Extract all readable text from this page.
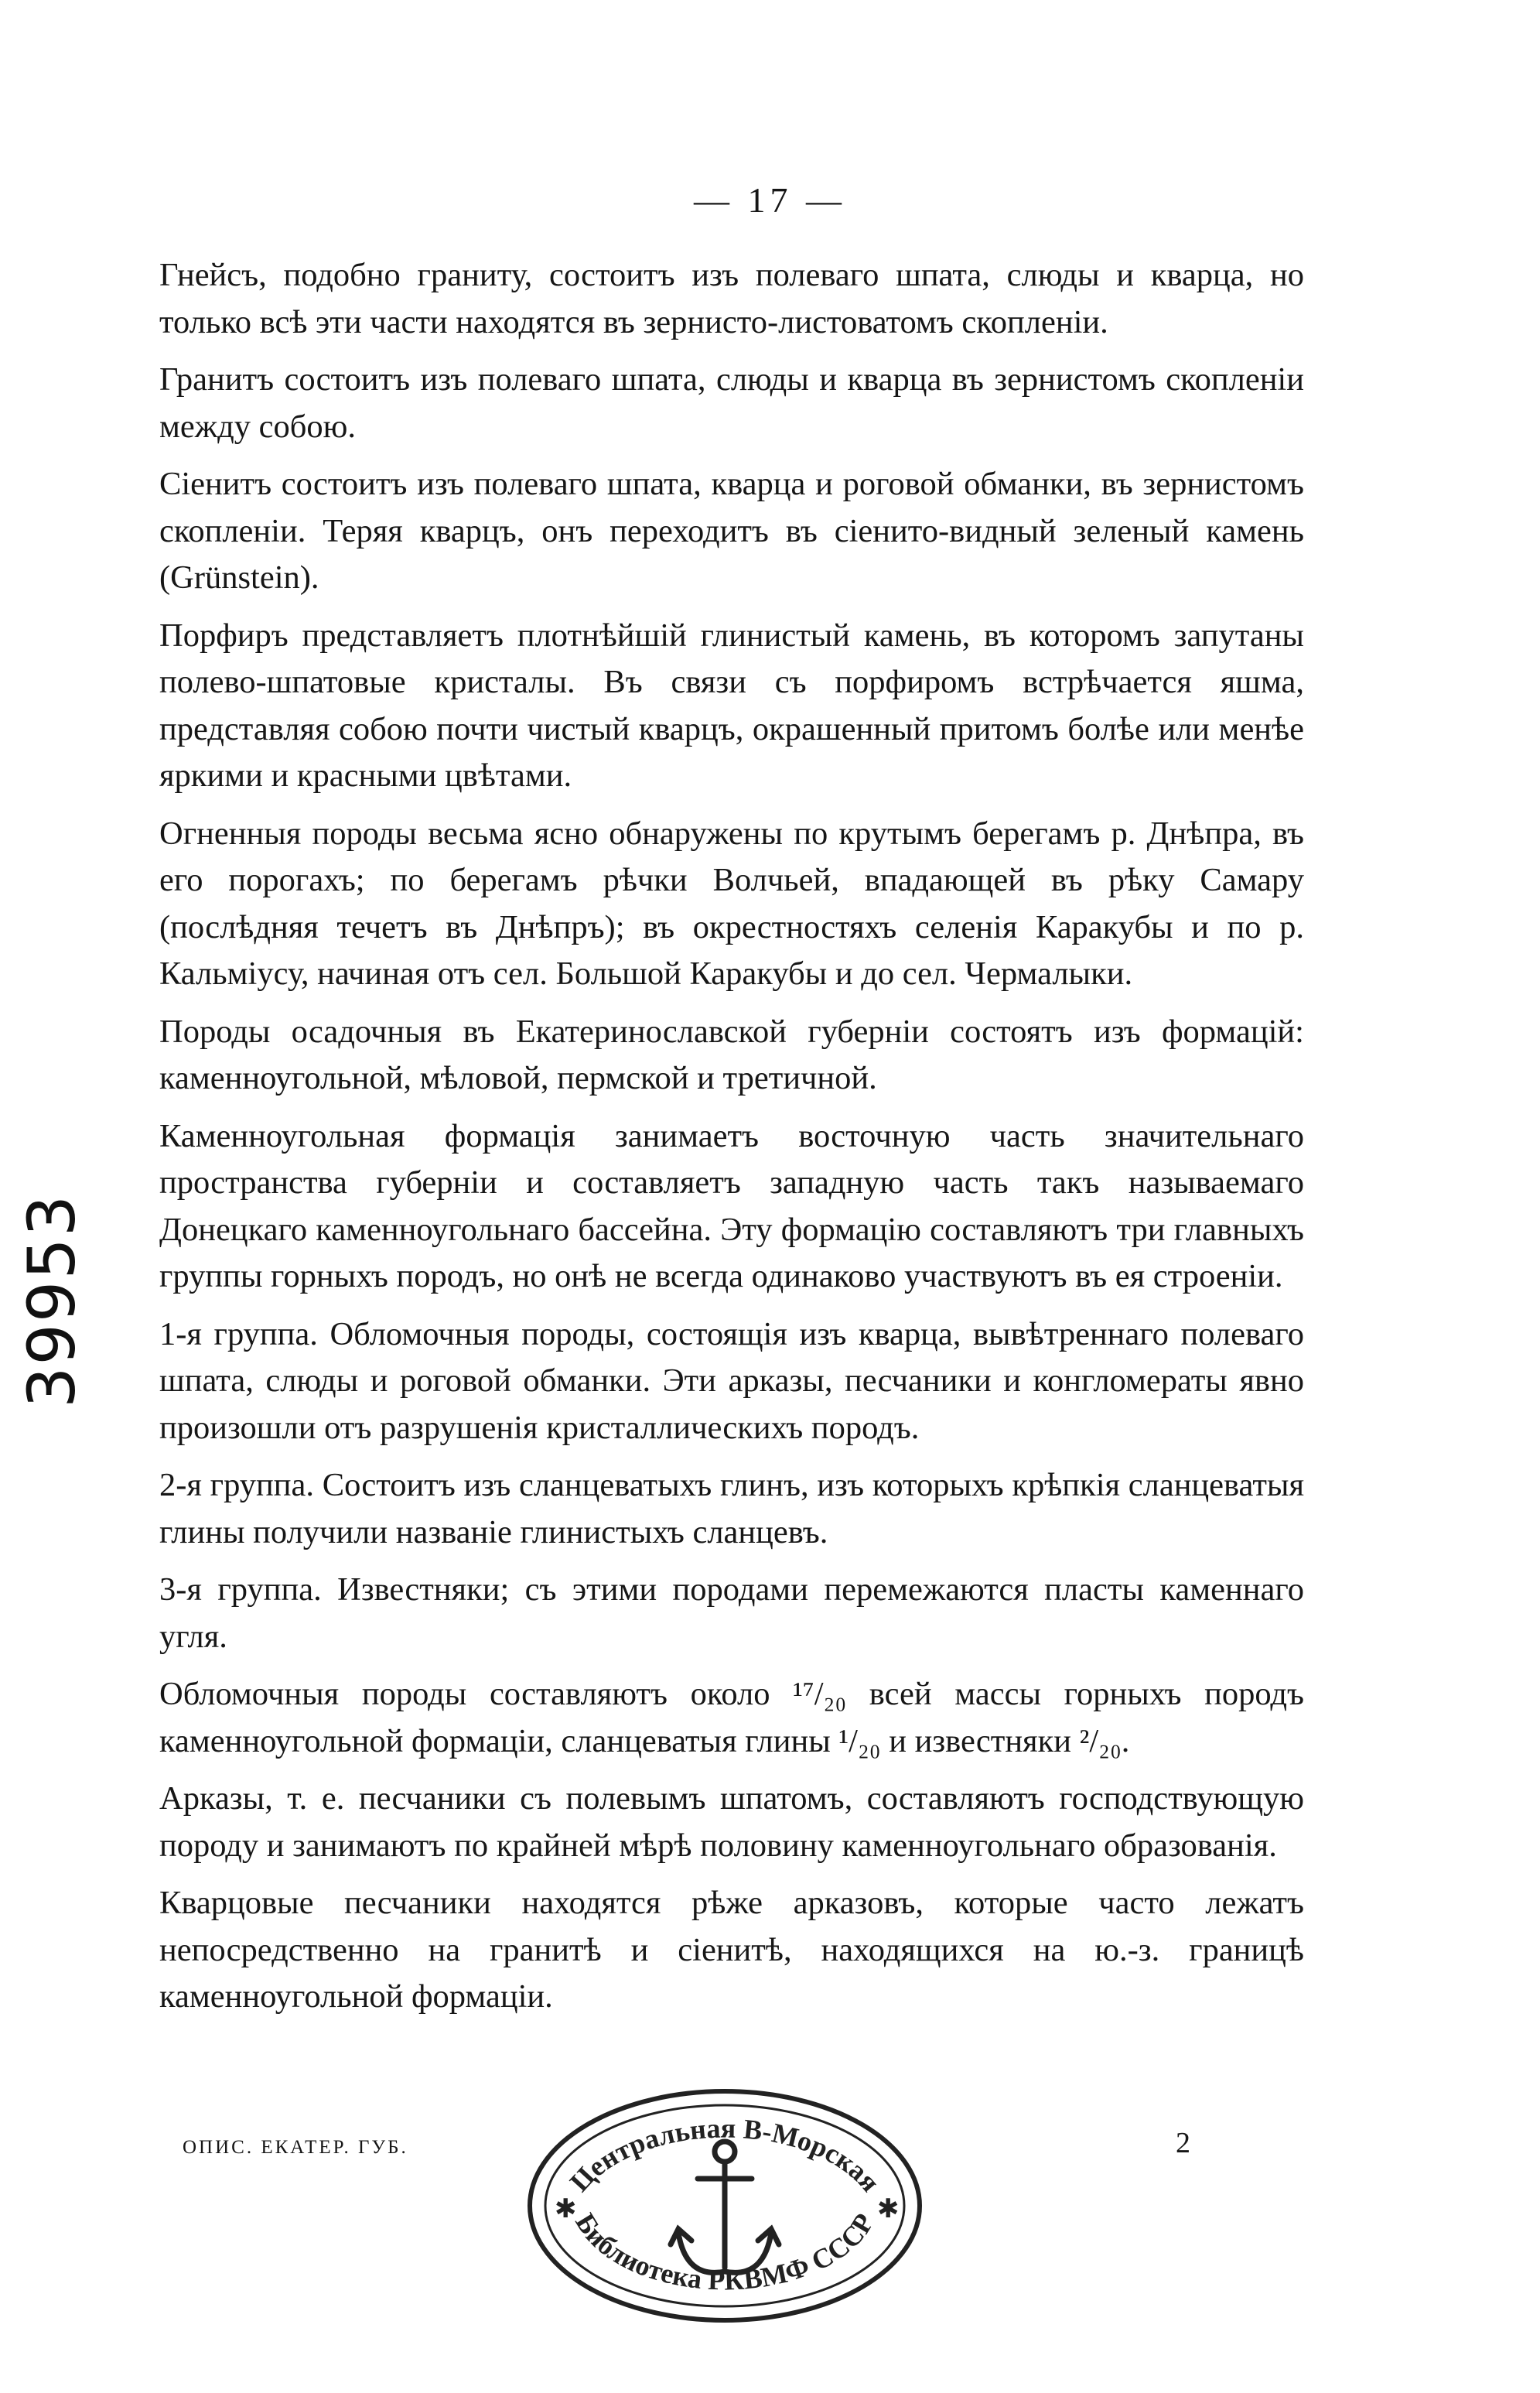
— 17 —

Гнейсъ, подобно граниту, состоитъ изъ полеваго шпата, слюды и кварца, но только всѣ эти части находятся въ зернисто-листоватомъ скопленіи.

Гранитъ состоитъ изъ полеваго шпата, слюды и кварца въ зернистомъ скопленіи между собою.

Сіенитъ состоитъ изъ полеваго шпата, кварца и роговой обманки, въ зернистомъ скопленіи. Теряя кварцъ, онъ переходитъ въ сіенито-видный зеленый камень (Grünstein).

Порфиръ представляетъ плотнѣйшій глинистый камень, въ которомъ запутаны полево-шпатовые кристалы. Въ связи съ порфиромъ встрѣчается яшма, представляя собою почти чистый кварцъ, окрашенный притомъ болѣе или менѣе яркими и красными цвѣтами.

Огненныя породы весьма ясно обнаружены по крутымъ берегамъ р. Днѣпра, въ его порогахъ; по берегамъ рѣчки Волчьей, впадающей въ рѣку Самару (послѣдняя течетъ въ Днѣпръ); въ окрестностяхъ селенія Каракубы и по р. Кальміусу, начиная отъ сел. Большой Каракубы и до сел. Чермалыки.

Породы осадочныя въ Екатеринославской губерніи состоятъ изъ формацій: каменноугольной, мѣловой, пермской и третичной.

Каменноугольная формація занимаетъ восточную часть значительнаго пространства губерніи и составляетъ западную часть такъ называемаго Донецкаго каменноугольнаго бассейна. Эту формацію составляютъ три главныхъ группы горныхъ породъ, но онѣ не всегда одинаково участвуютъ въ ея строеніи.

1-я группа. Обломочныя породы, состоящія изъ кварца, вывѣтреннаго полеваго шпата, слюды и роговой обманки. Эти арказы, песчаники и конгломераты явно произошли отъ разрушенія кристаллическихъ породъ.

2-я группа. Состоитъ изъ сланцеватыхъ глинъ, изъ которыхъ крѣпкія сланцеватыя глины получили названіе глинистыхъ сланцевъ.

3-я группа. Известняки; съ этими породами перемежаются пласты каменнаго угля.

Обломочныя породы составляютъ около ¹⁷/₂₀ всей массы горныхъ породъ каменноугольной формаціи, сланцеватыя глины ¹/₂₀ и известняки ²/₂₀.

Арказы, т. е. песчаники съ полевымъ шпатомъ, составляютъ господствующую породу и занимаютъ по крайней мѣрѣ половину каменноугольнаго образованія.

Кварцовые песчаники находятся рѣже арказовъ, которые часто лежатъ непосредственно на гранитѣ и сіенитѣ, находящихся на ю.-з. границѣ каменноугольной формаціи.

ОПИС. ЕКАТЕР. ГУБ.	2
39953
Центральная В-Морская
Библиотека РКВМФ СССР
✱	✱
